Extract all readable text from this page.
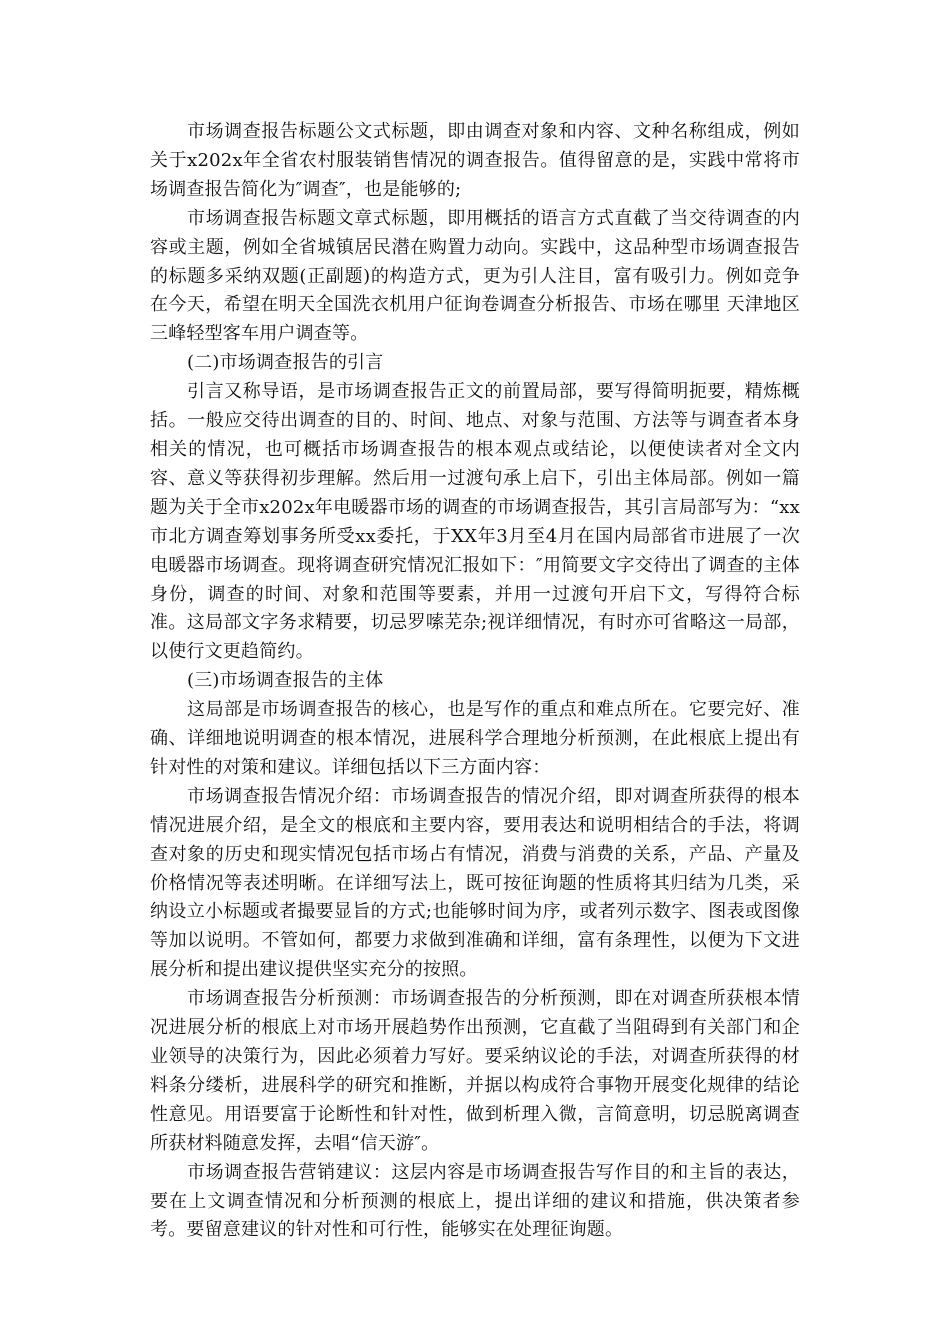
市场调查报告标题公文式标题，即由调查对象和内容、文种名称组成，例如关于x202x年全省农村服装销售情况的调查报告。值得留意的是，实践中常将市场调查报告简化为″调查″，也是能够的;

市场调查报告标题文章式标题，即用概括的语言方式直截了当交待调查的内容或主题，例如全省城镇居民潜在购置力动向。实践中，这品种型市场调查报告的标题多采纳双题(正副题)的构造方式，更为引人注目，富有吸引力。例如竞争在今天，希望在明天全国洗衣机用户征询卷调查分析报告、市场在哪里 天津地区三峰轻型客车用户调查等。

(二)市场调查报告的引言

引言又称导语，是市场调查报告正文的前置局部，要写得简明扼要，精炼概括。一般应交待出调查的目的、时间、地点、对象与范围、方法等与调查者本身相关的情况，也可概括市场调查报告的根本观点或结论，以便使读者对全文内容、意义等获得初步理解。然后用一过渡句承上启下，引出主体局部。例如一篇题为关于全市x202x年电暖器市场的调查的市场调查报告，其引言局部写为：“xx市北方调查筹划事务所受xx委托，于XX年3月至4月在国内局部省市进展了一次电暖器市场调查。现将调查研究情况汇报如下：″用简要文字交待出了调查的主体身份，调查的时间、对象和范围等要素，并用一过渡句开启下文，写得符合标准。这局部文字务求精要，切忌罗嗦芜杂;视详细情况，有时亦可省略这一局部，以使行文更趋简约。

(三)市场调查报告的主体

这局部是市场调查报告的核心，也是写作的重点和难点所在。它要完好、准确、详细地说明调查的根本情况，进展科学合理地分析预测，在此根底上提出有针对性的对策和建议。详细包括以下三方面内容：

市场调查报告情况介绍：市场调查报告的情况介绍，即对调查所获得的根本情况进展介绍，是全文的根底和主要内容，要用表达和说明相结合的手法，将调查对象的历史和现实情况包括市场占有情况，消费与消费的关系，产品、产量及价格情况等表述明晰。在详细写法上，既可按征询题的性质将其归结为几类，采纳设立小标题或者撮要显旨的方式;也能够时间为序，或者列示数字、图表或图像等加以说明。不管如何，都要力求做到准确和详细，富有条理性，以便为下文进展分析和提出建议提供坚实充分的按照。

市场调查报告分析预测：市场调查报告的分析预测，即在对调查所获根本情况进展分析的根底上对市场开展趋势作出预测，它直截了当阻碍到有关部门和企业领导的决策行为，因此必须着力写好。要采纳议论的手法，对调查所获得的材料条分缕析，进展科学的研究和推断，并据以构成符合事物开展变化规律的结论性意见。用语要富于论断性和针对性，做到析理入微，言简意明，切忌脱离调查所获材料随意发挥，去唱“信天游″。

市场调查报告营销建议：这层内容是市场调查报告写作目的和主旨的表达，要在上文调查情况和分析预测的根底上，提出详细的建议和措施，供决策者参考。要留意建议的针对性和可行性，能够实在处理征询题。
